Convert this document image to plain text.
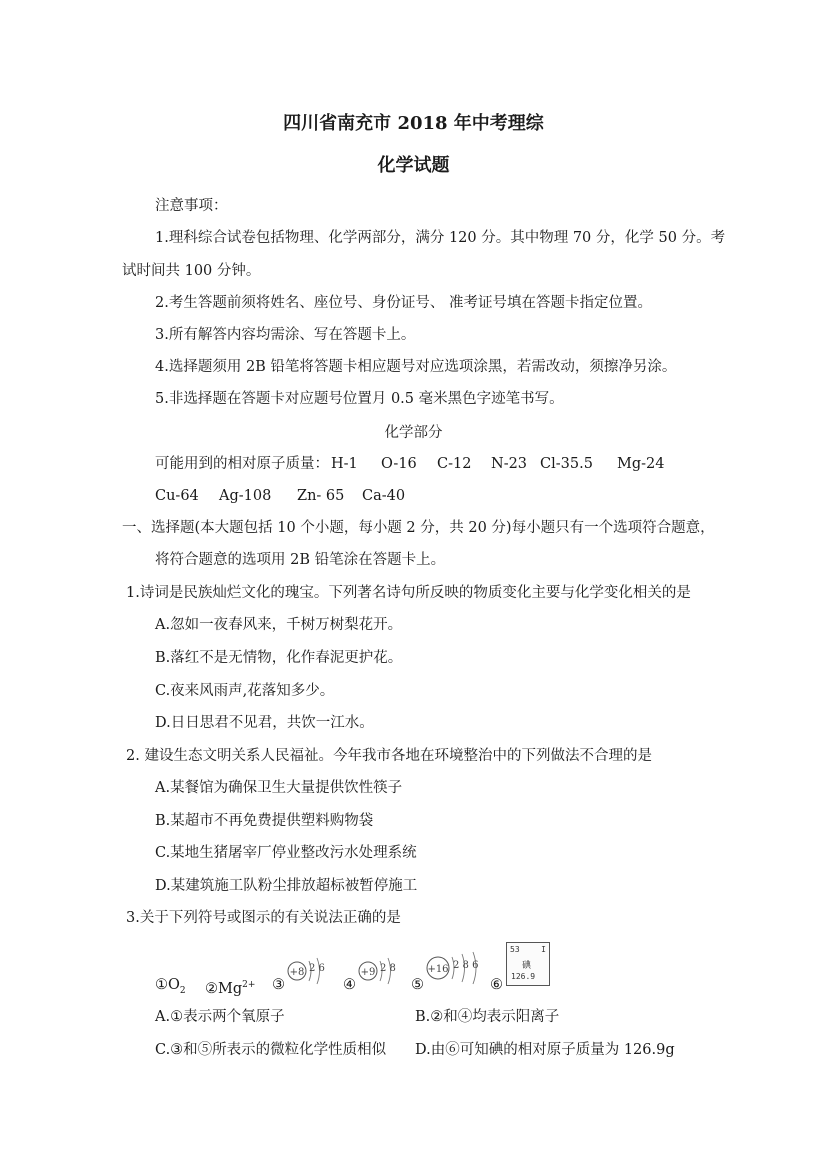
四川省南充市 2018 年中考理综
化学试题
注意事项：
1.理科综合试卷包括物理、化学两部分，满分 120 分。其中物理 70 分，化学 50 分。考
试时间共 100 分钟。
2.考生答题前须将姓名、座位号、身份证号、 准考证号填在答题卡指定位置。
3.所有解答内容均需涂、写在答题卡上。
4.选择题须用 2B 铅笔将答题卡相应题号对应选项涂黑，若需改动，须擦净另涂。
5.非选择题在答题卡对应题号位置月 0.5 毫米黑色字迹笔书写。
化学部分
可能用到的相对原子质量： H-1 O-16 C-12 N-23 Cl-35.5 Mg-24
Cu-64 Ag-108 Zn- 65 Ca-40
一、选择题(本大题包括 10 个小题，每小题 2 分，共 20 分)每小题只有一个选项符合题意，
将符合题意的选项用 2B 铅笔涂在答题卡上。
1.诗词是民族灿烂文化的瑰宝。下列著名诗句所反映的物质变化主要与化学变化相关的是
A.忽如一夜春风来，千树万树梨花开。
B.落红不是无情物，化作春泥更护花。
C.夜来风雨声,花落知多少。
D.日日思君不见君，共饮一江水。
2. 建设生态文明关系人民福祉。今年我市各地在环境整治中的下列做法不合理的是
A.某餐馆为确保卫生大量提供饮性筷子
B.某超市不再免费提供塑料购物袋
C.某地生猪屠宰厂停业整改污水处理系统
D.某建筑施工队粉尘排放超标被暂停施工
3.关于下列符号或图示的有关说法正确的是
$①O_2$ $②Mg^{2+}$ ③	④	⑤	⑥
+8 2 6	+9 2 8	+16 2 8 6
53	I
碘
126.9
A.①表示两个氧原子	B.②和④均表示阳离子
C.③和⑤所表示的微粒化学性质相似 D.由⑥可知碘的相对原子质量为 126.9g
